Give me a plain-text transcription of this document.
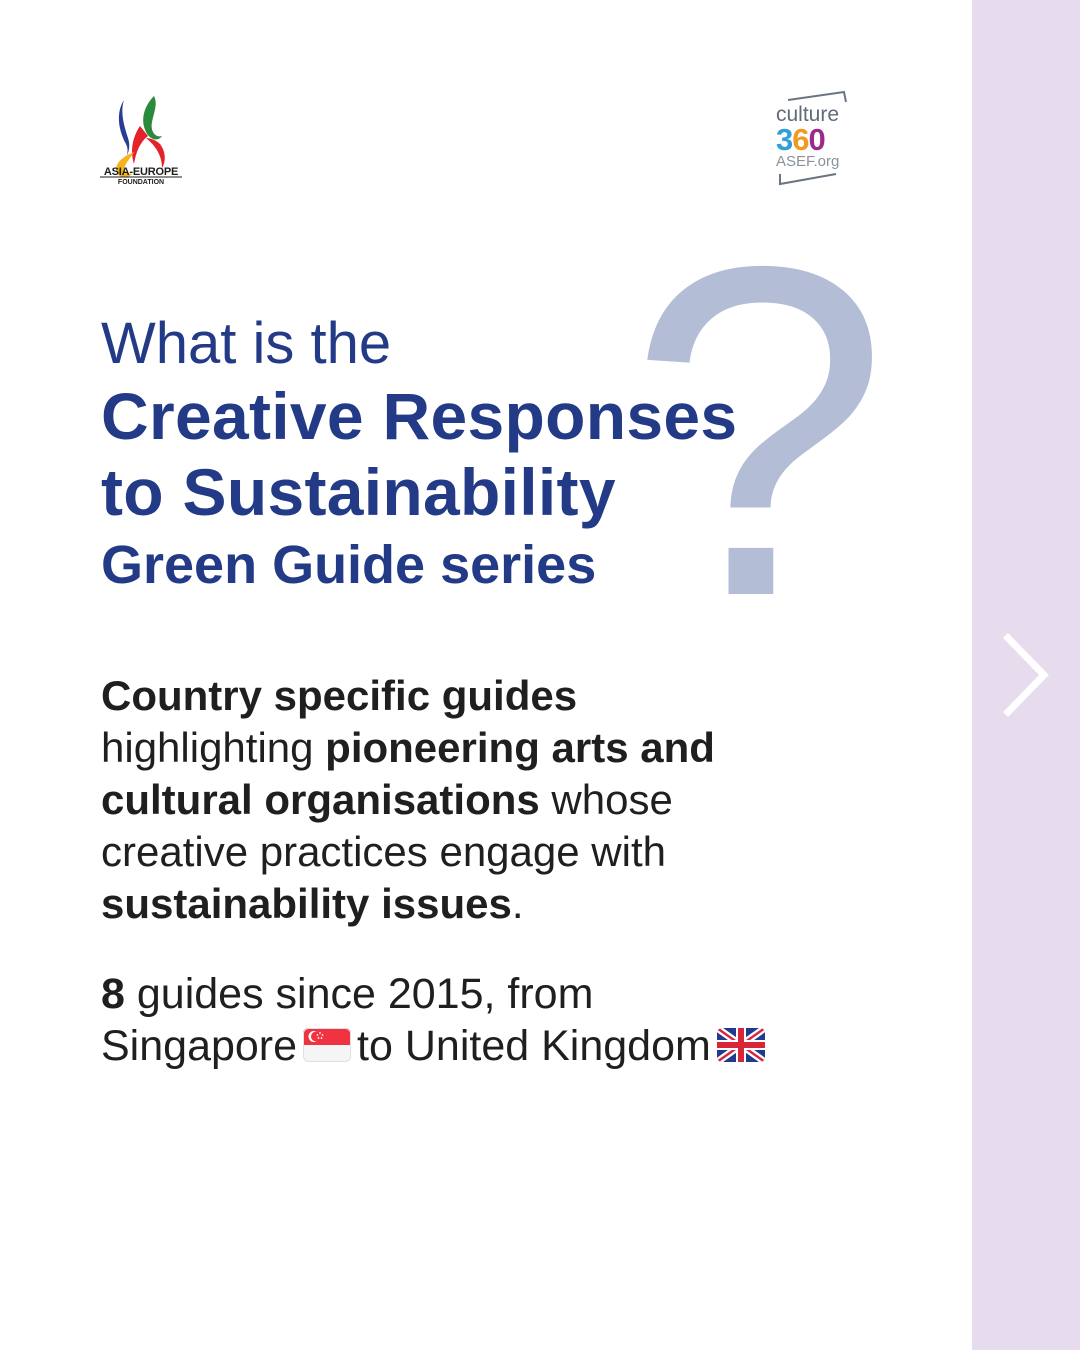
ASIA-EUROPE
FOUNDATION
culture
360
ASEF.org
?
What is the
Creative Responses
to Sustainability
Green Guide series
Country specific guides
highlighting pioneering arts and cultural organisations whose creative practices engage with sustainability issues.
8 guides since 2015, from
Singapore to United Kingdom
